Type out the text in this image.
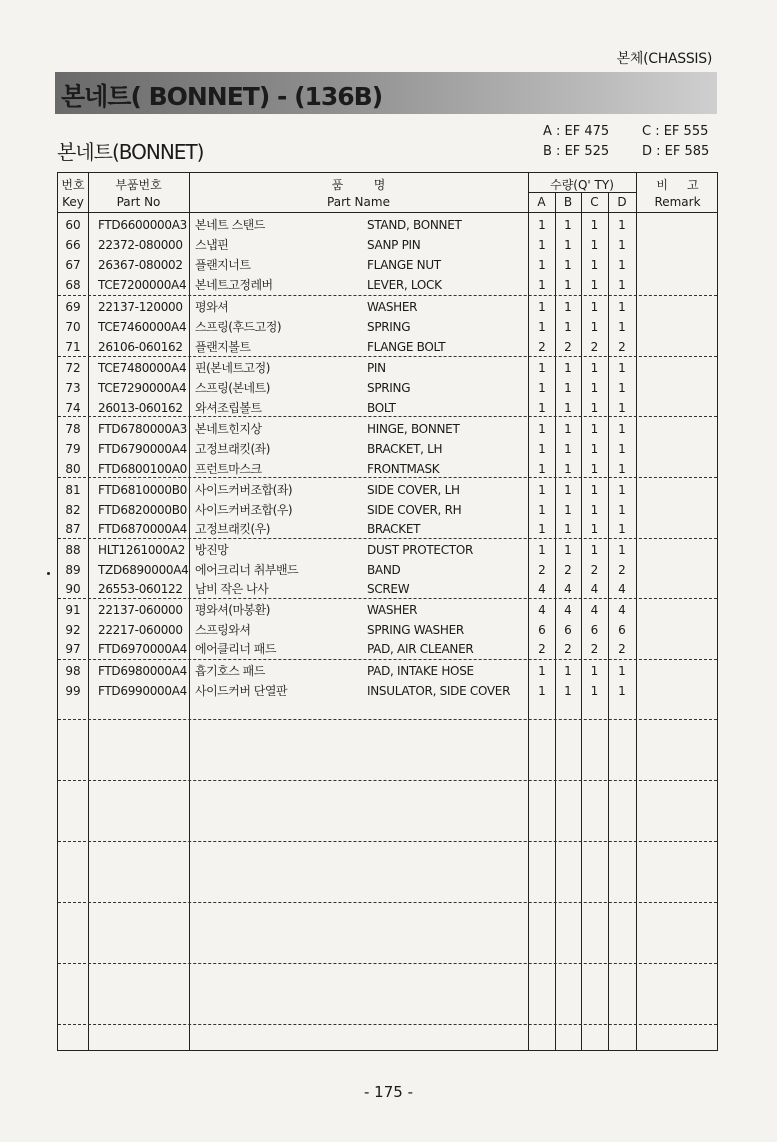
본체(CHASSIS)
본네트( BONNET) - (136B)
본네트(BONNET)
A : EF 475
B : EF 525
C : EF 555
D : EF 585
번호
Key
부품번호
Part No
품        명
Part Name
수량(Q' TY)
A	B	C	D
비     고
Remark
60	FTD6600000A3 본네트 스탠드	STAND, BONNET	1	1	1	1
66	22372-080000 스냅핀	SANP PIN	1	1	1	1
67	26367-080002 플랜지너트	FLANGE NUT	1	1	1	1
68	TCE7200000A4 본네트고정레버	LEVER, LOCK	1	1	1	1
69	22137-120000 평와셔	WASHER	1	1	1	1
70	TCE7460000A4 스프링(후드고정)	SPRING	1	1	1	1
71	26106-060162 플랜지볼트	FLANGE BOLT	2	2	2	2
72	TCE7480000A4 핀(본네트고정)	PIN	1	1	1	1
73	TCE7290000A4 스프링(본네트)	SPRING	1	1	1	1
74	26013-060162 와셔조립볼트	BOLT	1	1	1	1
78	FTD6780000A3 본네트힌지상	HINGE, BONNET	1	1	1	1
79	FTD6790000A4 고정브래킷(좌)	BRACKET, LH	1	1	1	1
80	FTD6800100A0 프런트마스크	FRONTMASK	1	1	1	1
81	FTD6810000B0 사이드커버조합(좌)	SIDE COVER, LH	1	1	1	1
82	FTD6820000B0 사이드커버조합(우)	SIDE COVER, RH	1	1	1	1
87	FTD6870000A4 고정브래킷(우)	BRACKET	1	1	1	1
88	HLT1261000A2 방진망	DUST PROTECTOR	1	1	1	1
89	TZD6890000A4 에어크리너 취부밴드	BAND	2	2	2	2
90	26553-060122 남비 작은 나사	SCREW	4	4	4	4
91	22137-060000 평와셔(마봉환)	WASHER	4	4	4	4
92	22217-060000 스프링와셔	SPRING WASHER	6	6	6	6
97	FTD6970000A4 에어클리너 패드	PAD, AIR CLEANER	2	2	2	2
98	FTD6980000A4 흡기호스 패드	PAD, INTAKE HOSE	1	1	1	1
99	FTD6990000A4 사이드커버 단열판	INSULATOR, SIDE COVER	1	1	1	1
- 175 -
